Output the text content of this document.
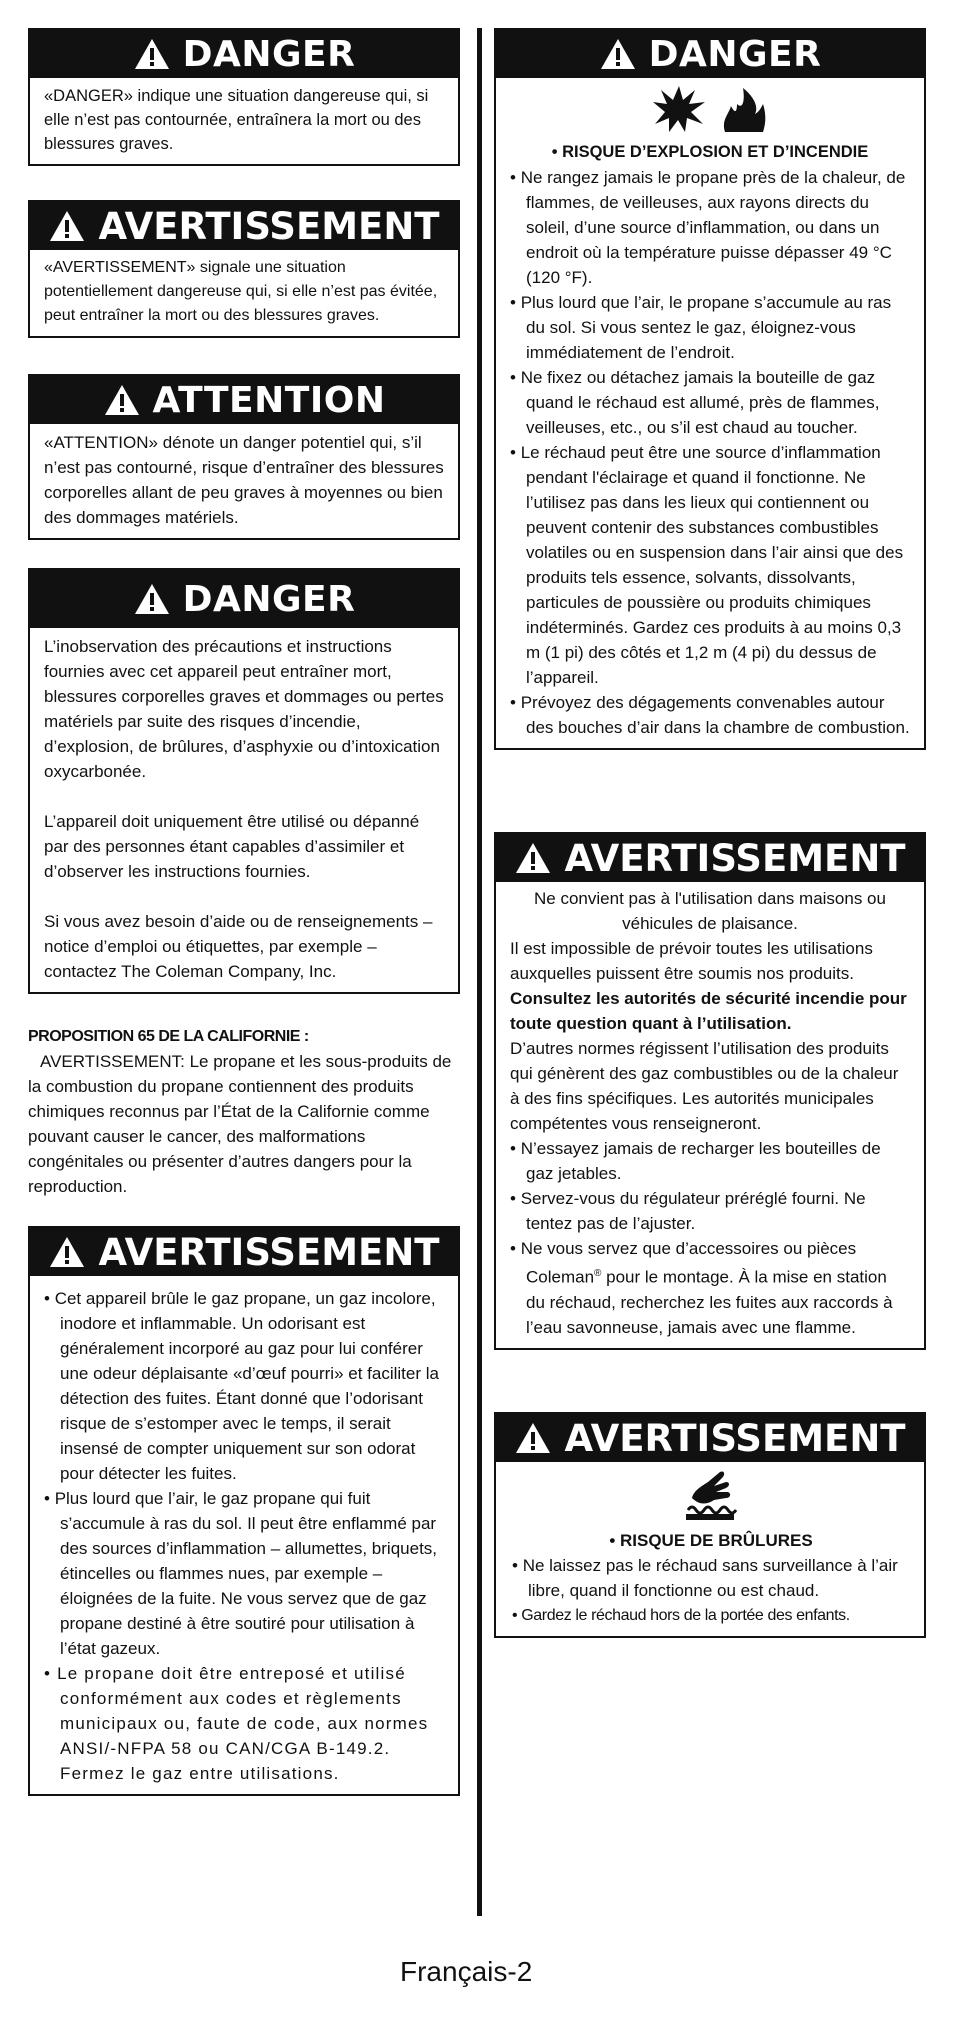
DANGER

«DANGER» indique une situation dangereuse qui, si elle n’est pas contournée, entraînera la mort ou des blessures graves.

AVERTISSEMENT

«AVERTISSEMENT» signale une situation potentiellement dangereuse qui, si elle n’est pas évitée, peut entraîner la mort ou des blessures graves.

ATTENTION

«ATTENTION» dénote un danger potentiel qui, s’il n’est pas contourné, risque d’entraîner des blessures corporelles allant de peu graves à moyennes ou bien des dommages matériels.

DANGER

L’inobservation des précautions et instructions fournies avec cet appareil peut entraîner mort, blessures corporelles graves et dommages ou pertes matériels par suite des risques d’incendie, d’explosion, de brûlures, d’asphyxie ou d’intoxication oxycarbonée.

L’appareil doit uniquement être utilisé ou dépanné par des personnes étant capables d’assimiler et d’observer les instructions fournies.

Si vous avez besoin d’aide ou de renseignements – notice d’emploi ou étiquettes, par exemple – contactez The Coleman Company, Inc.

PROPOSITION 65 DE LA CALIFORNIE :
AVERTISSEMENT: Le propane et les sous-produits de la combustion du propane contiennent des produits chimiques reconnus par l’État de la Californie comme pouvant causer le cancer, des malformations congénitales ou présenter d’autres dangers pour la reproduction.
AVERTISSEMENT
• Cet appareil brûle le gaz propane, un gaz incolore, inodore et inflammable. Un odorisant est généralement incorporé au gaz pour lui conférer une odeur déplaisante «d’œuf pourri» et faciliter la détection des fuites. Étant donné que l’odorisant risque de s’estomper avec le temps, il serait insensé de compter uniquement sur son odorat pour détecter les fuites.
• Plus lourd que l’air, le gaz propane qui fuit s’accumule à ras du sol. Il peut être enflammé par des sources d’inflammation – allumettes, briquets, étincelles ou flammes nues, par exemple – éloignées de la fuite. Ne vous servez que de gaz propane destiné à être soutiré pour utilisation à l’état gazeux.
• Le propane doit être entreposé et utilisé conformément aux codes et règlements municipaux ou, faute de code, aux normes ANSI/-NFPA 58 ou CAN/CGA B-149.2. Fermez le gaz entre utilisations.
DANGER
• RISQUE D’EXPLOSION ET D’INCENDIE
• Ne rangez jamais le propane près de la chaleur, de flammes, de veilleuses, aux rayons directs du soleil, d’une source d’inflammation, ou dans un endroit où la température puisse dépasser 49 °C (120 °F).
• Plus lourd que l’air, le propane s’accumule au ras du sol. Si vous sentez le gaz, éloignez-vous immédiatement de l’endroit.
• Ne fixez ou détachez jamais la bouteille de gaz quand le réchaud est allumé, près de flammes, veilleuses, etc., ou s’il est chaud au toucher.
• Le réchaud peut être une source d’inflammation pendant l'éclairage et quand il fonctionne. Ne l’utilisez pas dans les lieux qui contiennent ou peuvent contenir des substances combustibles volatiles ou en suspension dans l’air ainsi que des produits tels essence, solvants, dissolvants, particules de poussière ou produits chimiques indéterminés. Gardez ces produits à au moins 0,3 m (1 pi) des côtés et 1,2 m (4 pi) du dessus de l’appareil.
• Prévoyez des dégagements convenables autour des bouches d’air dans la chambre de combustion.
AVERTISSEMENT
Ne convient pas à l'utilisation dans maisons ou véhicules de plaisance.
Il est impossible de prévoir toutes les utilisations auxquelles puissent être soumis nos produits.
Consultez les autorités de sécurité incendie pour toute question quant à l’utilisation.
D’autres normes régissent l’utilisation des produits qui génèrent des gaz combustibles ou de la chaleur à des fins spécifiques. Les autorités municipales compétentes vous renseigneront.
• N’essayez jamais de recharger les bouteilles de gaz jetables.
• Servez-vous du régulateur préréglé fourni. Ne tentez pas de l’ajuster.
• Ne vous servez que d’accessoires ou pièces Coleman® pour le montage. À la mise en station du réchaud, recherchez les fuites aux raccords à l’eau savonneuse, jamais avec une flamme.
AVERTISSEMENT
• RISQUE DE BRÛLURES
• Ne laissez pas le réchaud sans surveillance à l’air libre, quand il fonctionne ou est chaud.
• Gardez le réchaud hors de la portée des enfants.
Français-2
